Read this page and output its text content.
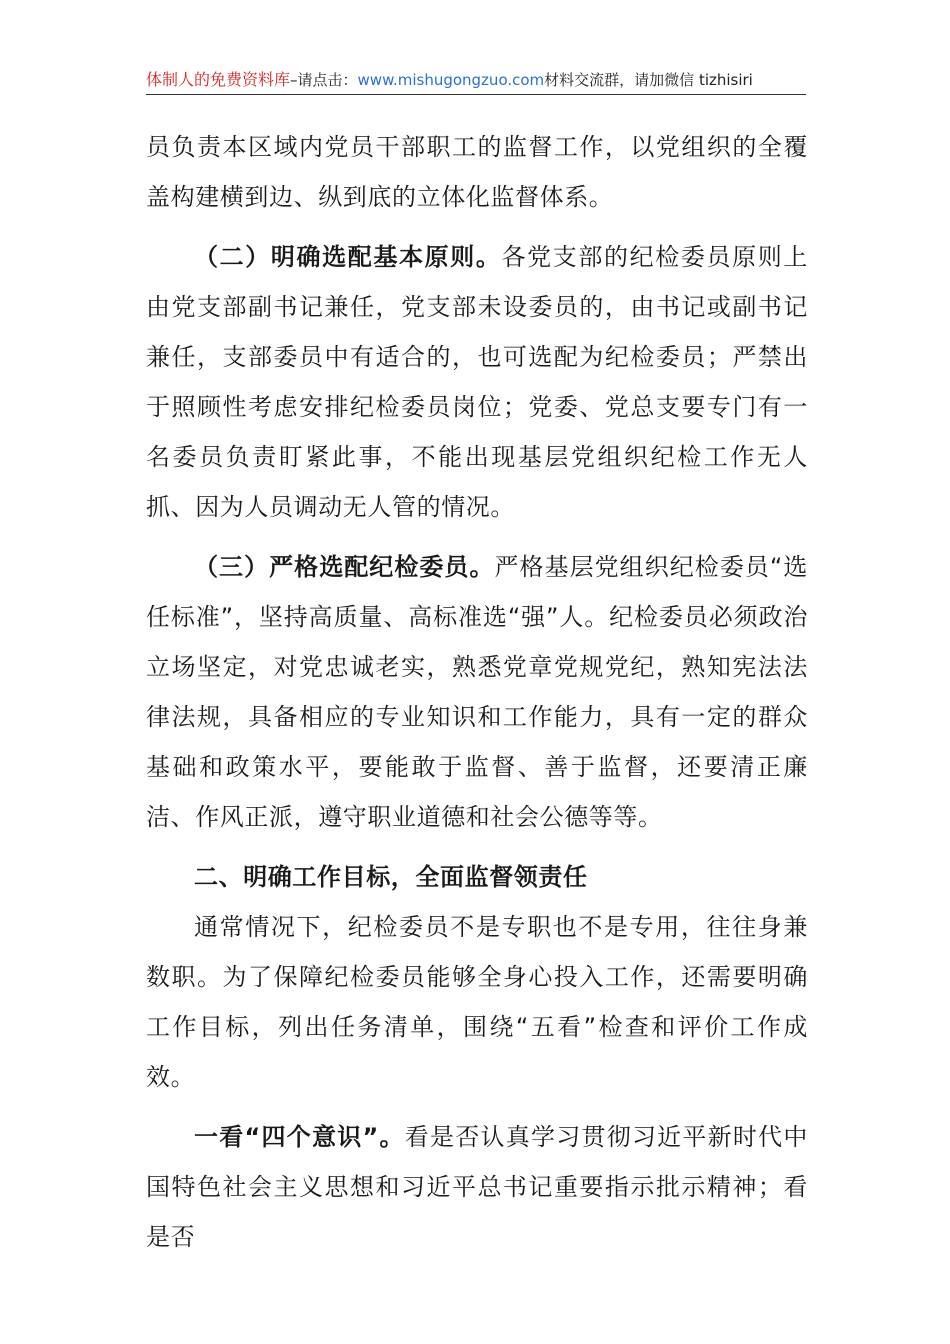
体制人的免费资料库–请点击：www.mishugongzuo.com材料交流群，请加微信 tizhisiri

员负责本区域内党员干部职工的监督工作，以党组织的全覆盖构建横到边、纵到底的立体化监督体系。

（二）明确选配基本原则。各党支部的纪检委员原则上由党支部副书记兼任，党支部未设委员的，由书记或副书记兼任，支部委员中有适合的，也可选配为纪检委员；严禁出于照顾性考虑安排纪检委员岗位；党委、党总支要专门有一名委员负责盯紧此事，不能出现基层党组织纪检工作无人抓、因为人员调动无人管的情况。

（三）严格选配纪检委员。严格基层党组织纪检委员“选任标准”，坚持高质量、高标准选“强”人。纪检委员必须政治立场坚定，对党忠诚老实，熟悉党章党规党纪，熟知宪法法律法规，具备相应的专业知识和工作能力，具有一定的群众基础和政策水平，要能敢于监督、善于监督，还要清正廉洁、作风正派，遵守职业道德和社会公德等等。

二、明确工作目标，全面监督领责任

通常情况下，纪检委员不是专职也不是专用，往往身兼数职。为了保障纪检委员能够全身心投入工作，还需要明确工作目标，列出任务清单，围绕“五看”检查和评价工作成效。

一看“四个意识”。看是否认真学习贯彻习近平新时代中国特色社会主义思想和习近平总书记重要指示批示精神；看是否
